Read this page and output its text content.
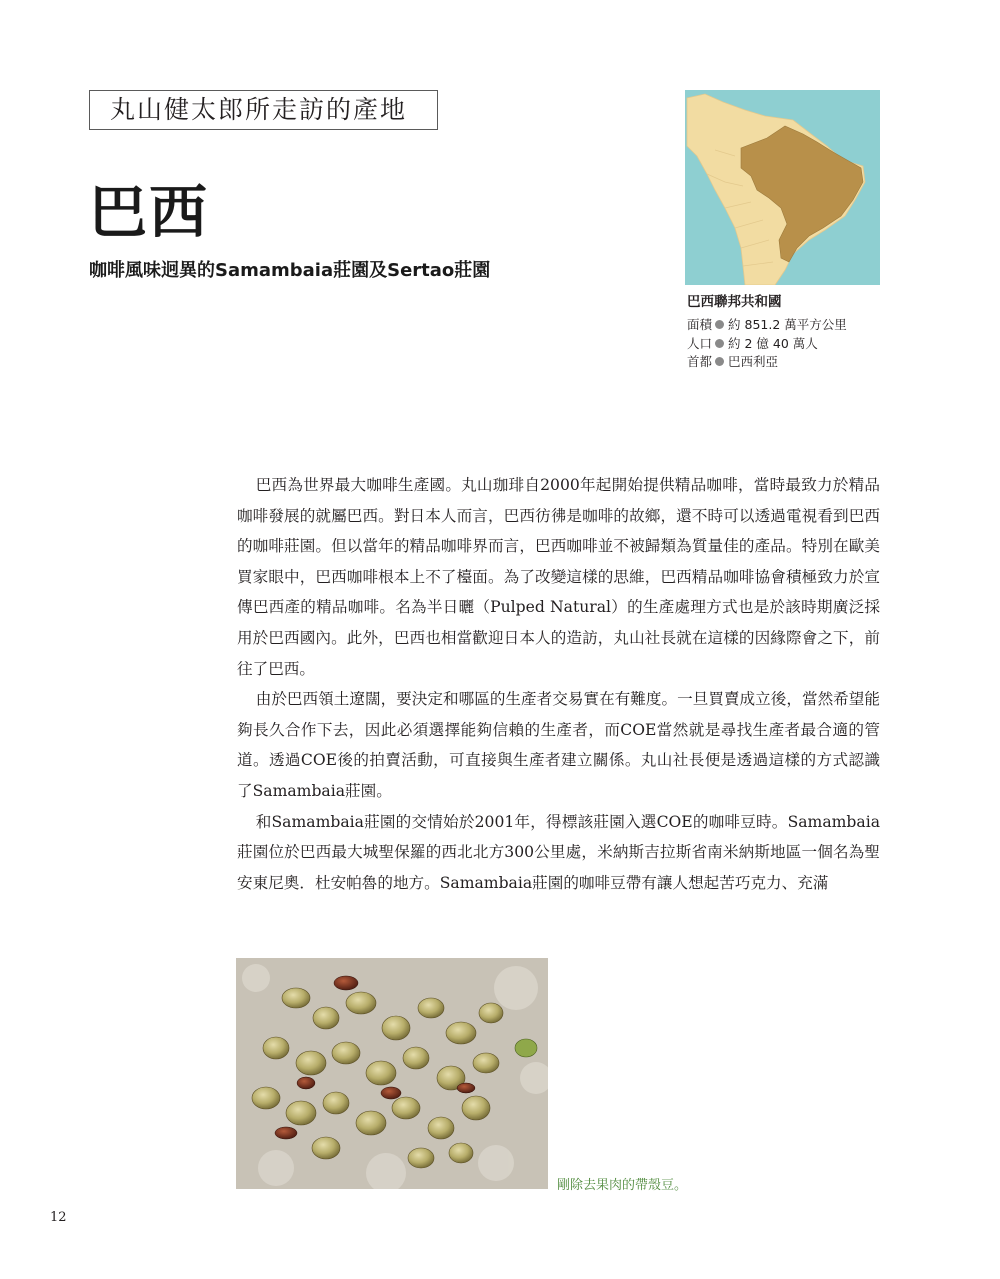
丸山健太郎所走訪的產地
巴西
咖啡風味迥異的Samambaia莊園及Sertao莊園
巴西聯邦共和國
面積 約 851.2 萬平方公里
人口 約 2 億 40 萬人
首都 巴西利亞

巴西為世界最大咖啡生產國。丸山珈琲自2000年起開始提供精品咖啡，當時最致力於精品咖啡發展的就屬巴西。對日本人而言，巴西彷彿是咖啡的故鄉，還不時可以透過電視看到巴西的咖啡莊園。但以當年的精品咖啡界而言，巴西咖啡並不被歸類為質量佳的產品。特別在歐美買家眼中，巴西咖啡根本上不了檯面。為了改變這樣的思維，巴西精品咖啡協會積極致力於宣傳巴西產的精品咖啡。名為半日曬（Pulped Natural）的生產處理方式也是於該時期廣泛採用於巴西國內。此外，巴西也相當歡迎日本人的造訪，丸山社長就在這樣的因緣際會之下，前往了巴西。

由於巴西領土遼闊，要決定和哪區的生產者交易實在有難度。一旦買賣成立後，當然希望能夠長久合作下去，因此必須選擇能夠信賴的生產者，而COE當然就是尋找生產者最合適的管道。透過COE後的拍賣活動，可直接與生產者建立關係。丸山社長便是透過這樣的方式認識了Samambaia莊園。

和Samambaia莊園的交情始於2001年，得標該莊園入選COE的咖啡豆時。Samambaia莊園位於巴西最大城聖保羅的西北北方300公里處，米納斯吉拉斯省南米納斯地區一個名為聖安東尼奧．杜安帕魯的地方。Samambaia莊園的咖啡豆帶有讓人想起苦巧克力、充滿

剛除去果肉的帶殼豆。
12
